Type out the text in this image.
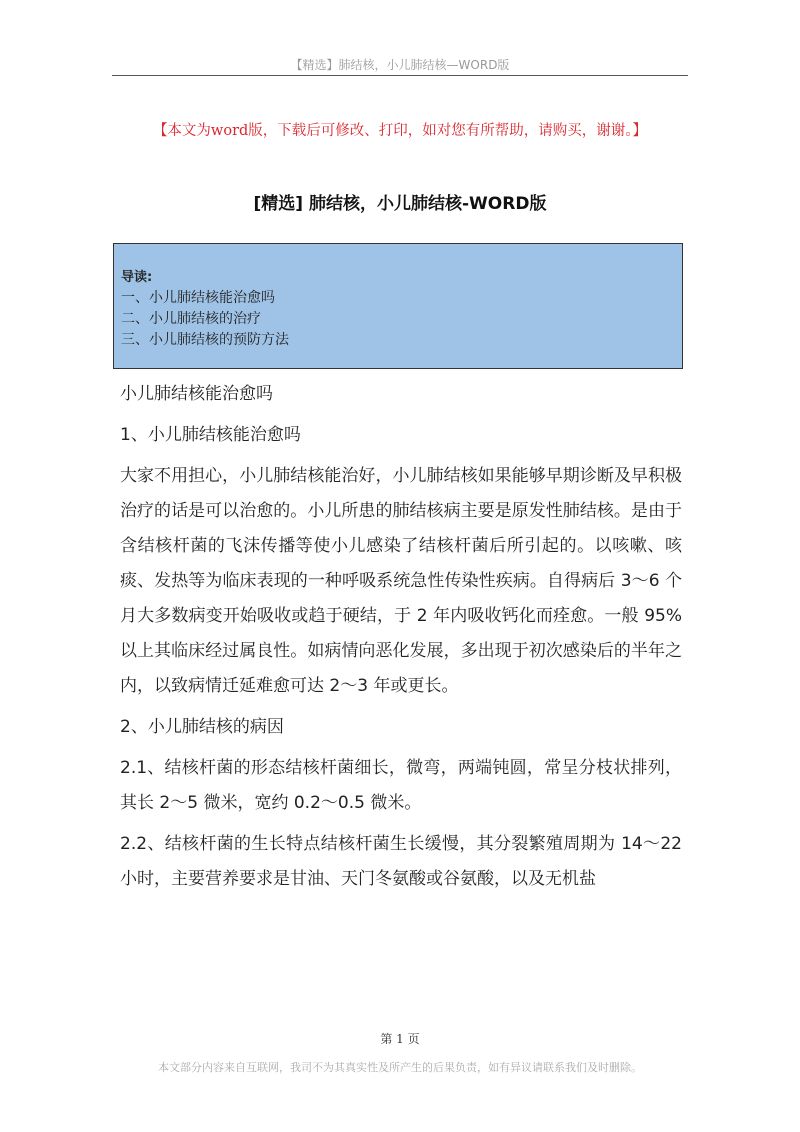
【精选】肺结核，小儿肺结核—WORD版
【本文为word版，下载后可修改、打印，如对您有所帮助，请购买，谢谢。】
[精选] 肺结核，小儿肺结核-WORD版
导读:
一、小儿肺结核能治愈吗
二、小儿肺结核的治疗
三、小儿肺结核的预防方法

小儿肺结核能治愈吗

1、小儿肺结核能治愈吗

大家不用担心，小儿肺结核能治好，小儿肺结核如果能够早期诊断及早积极治疗的话是可以治愈的。小儿所患的肺结核病主要是原发性肺结核。是由于含结核杆菌的飞沫传播等使小儿感染了结核杆菌后所引起的。以咳嗽、咳痰、发热等为临床表现的一种呼吸系统急性传染性疾病。自得病后 3～6 个月大多数病变开始吸收或趋于硬结，于 2 年内吸收钙化而痊愈。一般 95%以上其临床经过属良性。如病情向恶化发展，多出现于初次感染后的半年之内，以致病情迁延难愈可达 2～3 年或更长。

2、小儿肺结核的病因

2.1、结核杆菌的形态结核杆菌细长，微弯，两端钝圆，常呈分枝状排列，其长 2～5 微米，宽约 0.2～0.5 微米。

2.2、结核杆菌的生长特点结核杆菌生长缓慢，其分裂繁殖周期为 14～22 小时，主要营养要求是甘油、天门冬氨酸或谷氨酸，以及无机盐

第 1 页
本文部分内容来自互联网，我司不为其真实性及所产生的后果负责，如有异议请联系我们及时删除。
